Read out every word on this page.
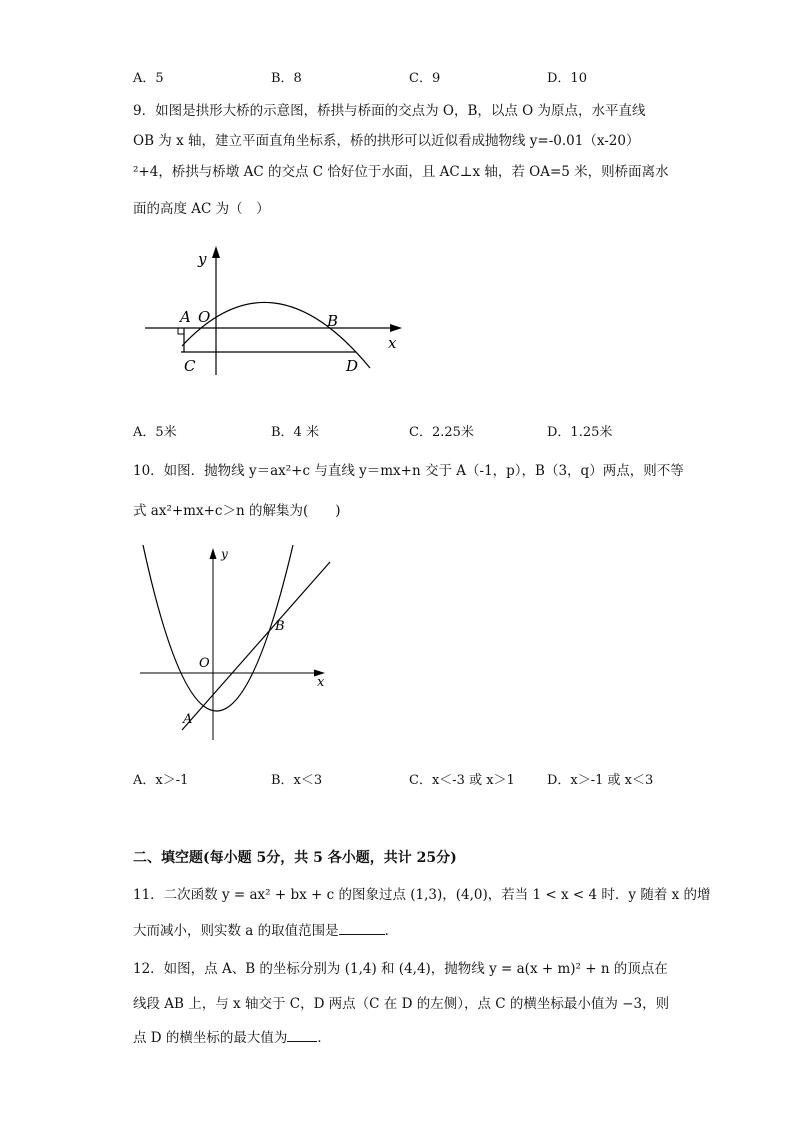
A．5	B．8	C．9	D．10
9．如图是拱形大桥的示意图，桥拱与桥面的交点为 O，B，以点 O 为原点，水平直线
OB 为 x 轴，建立平面直角坐标系，桥的拱形可以近似看成抛物线 y=-0.01（x-20）
²+4，桥拱与桥墩 AC 的交点 C 恰好位于水面，且 AC⊥x 轴，若 OA=5 米，则桥面离水
面的高度 AC 为（　）
y
x
O
A	B
C	D
A．5米	B．4 米	C．2.25米	D．1.25米
10．如图．抛物线 y＝ax²+c 与直线 y＝mx+n 交于 A（-1，p），B（3，q）两点，则不等
式 ax²+mx+c＞n 的解集为(　　)
y
x
O
A
B
A．x＞-1	B．x＜3	C．x＜-3 或 x＞1 D．x＞-1 或 x＜3
二、填空题(每小题 5分，共 5 各小题，共计 25分)
11．二次函数 y = ax² + bx + c 的图象过点 (1,3)，(4,0)，若当 1 < x < 4 时．y 随着 x 的增
大而减小，则实数 a 的取值范围是	．
12．如图，点 A、B 的坐标分别为 (1,4) 和 (4,4)，抛物线 y = a(x + m)² + n 的顶点在
线段 AB 上，与 x 轴交于 C，D 两点（C 在 D 的左侧），点 C 的横坐标最小值为 −3，则
点 D 的横坐标的最大值为 ．
